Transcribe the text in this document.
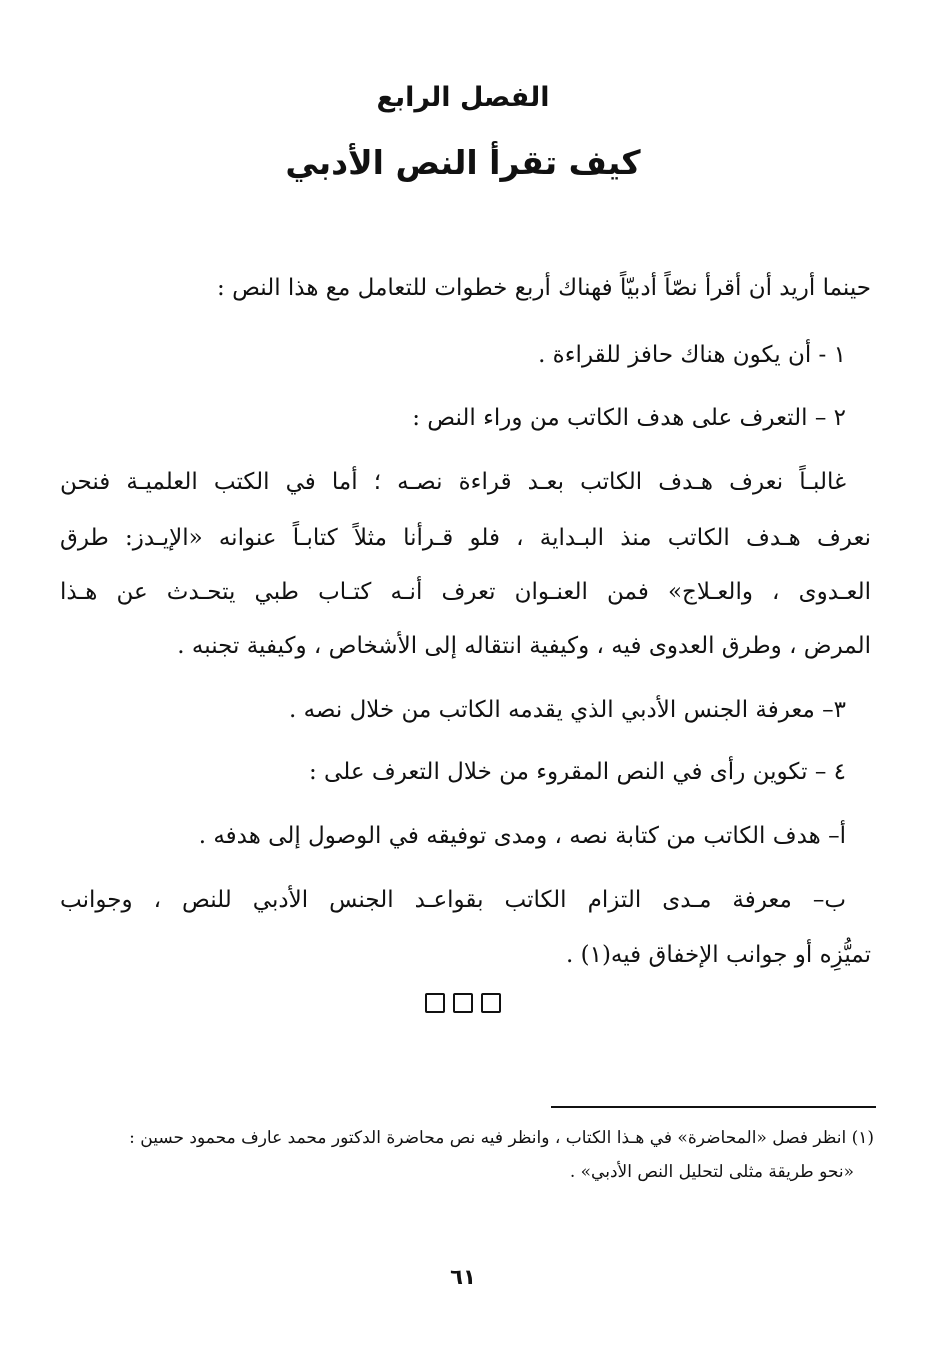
الفصل الرابع
كيف تقرأ النص الأدبي
حينما أريد أن أقرأ نصّاً أدبيّاً فهناك أربع خطوات للتعامل مع هذا النص :
١ - أن يكون هناك حافز للقراءة .
٢ – التعرف على هدف الكاتب من وراء النص :
غالبـاً نعرف هـدف الكاتب بعـد قراءة نصـه ؛ أما في الكتب العلميـة فنحن
نعرف هـدف الكاتب منذ البـداية ، فلو قـرأنا مثلاً كتابـاً عنوانه «الإيـدز: طرق
العـدوى ، والعـلاج» فمن العنـوان تعرف أنـه كتـاب طبي يتحـدث عن هـذا
المرض ، وطرق العدوى فيه ، وكيفية انتقاله إلى الأشخاص ، وكيفية تجنبه .
٣– معرفة الجنس الأدبي الذي يقدمه الكاتب من خلال نصه .
٤ – تكوين رأى في النص المقروء من خلال التعرف على :
أ– هدف الكاتب من كتابة نصه ، ومدى توفيقه في الوصول إلى هدفه .
ب– معرفة مـدى التزام الكاتب بقواعـد الجنس الأدبي للنص ، وجوانب
تميُّزِه أو جوانب الإخفاق فيه(١) .
(١) انظر فصل «المحاضرة» في هـذا الكتاب ، وانظر فيه نص محاضرة الدكتور محمد عارف محمود حسين :
«نحو طريقة مثلى لتحليل النص الأدبي» .
٦١
